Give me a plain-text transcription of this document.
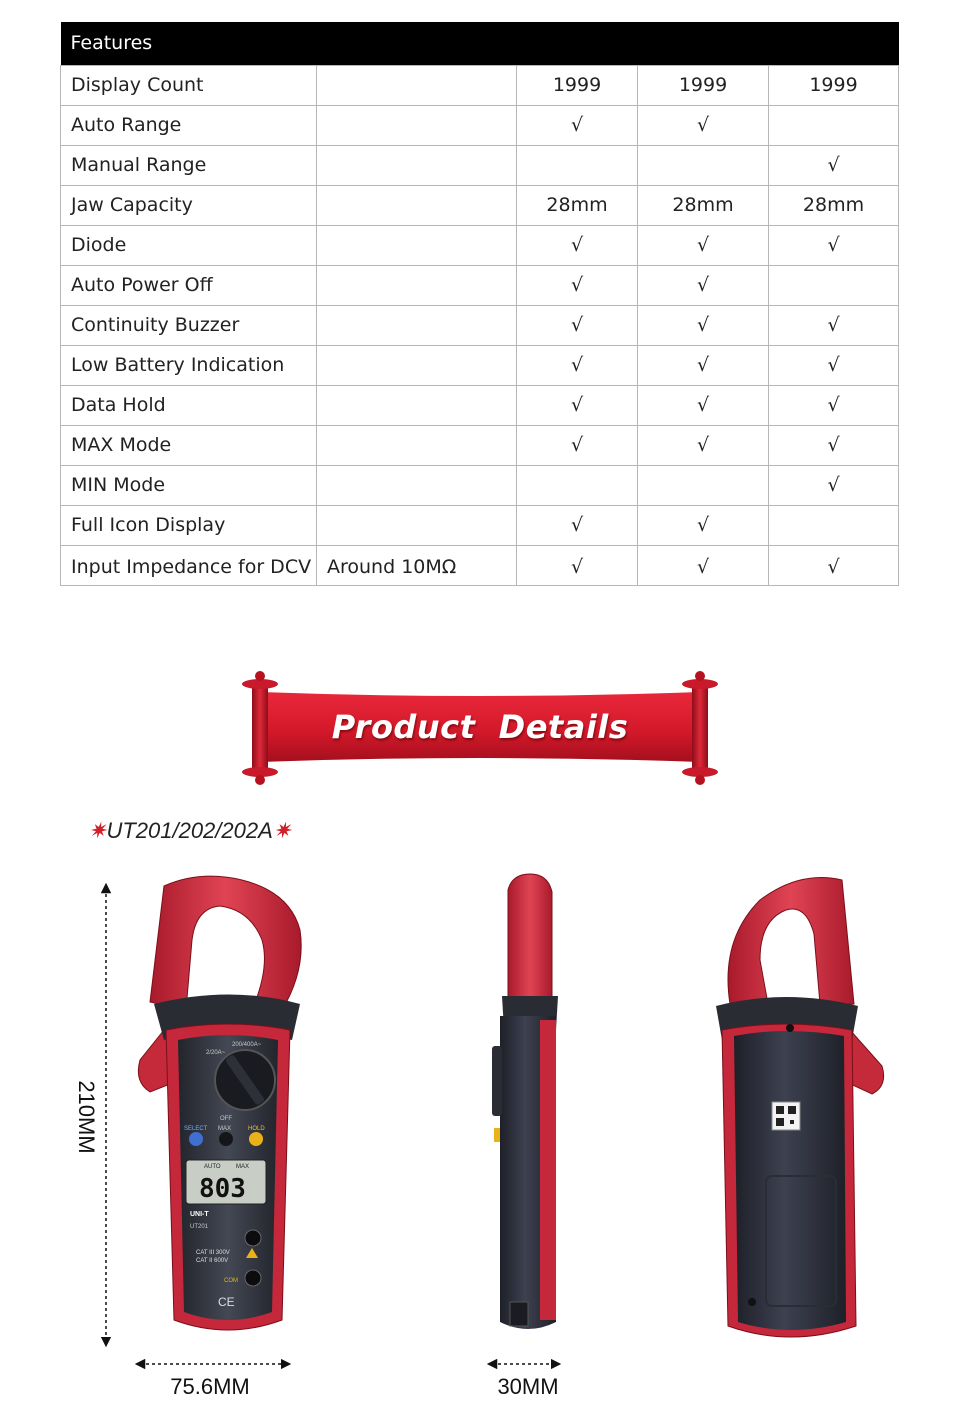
Features				
Display Count		1999	1999	1999
Auto Range		√	√	
Manual Range				√
Jaw Capacity		28mm	28mm	28mm
Diode		√	√	√
Auto Power Off		√	√	
Continuity Buzzer		√	√	√
Low Battery Indication		√	√	√
Data Hold		√	√	√
MAX Mode		√	√	√
MIN Mode				√
Full Icon Display		√	√	
Input Impedance for DCV	Around 10MΩ	√	√	√
Product  Details
✷UT201/202/202A✷
200/400A~
2/20A~
OFF
SELECT MAX	HOLD
AUTO	MAX
803
UNI-T
UT201
CAT III 300V
CAT II 600V
COM
CE
210MM
75.6MM	30MM
